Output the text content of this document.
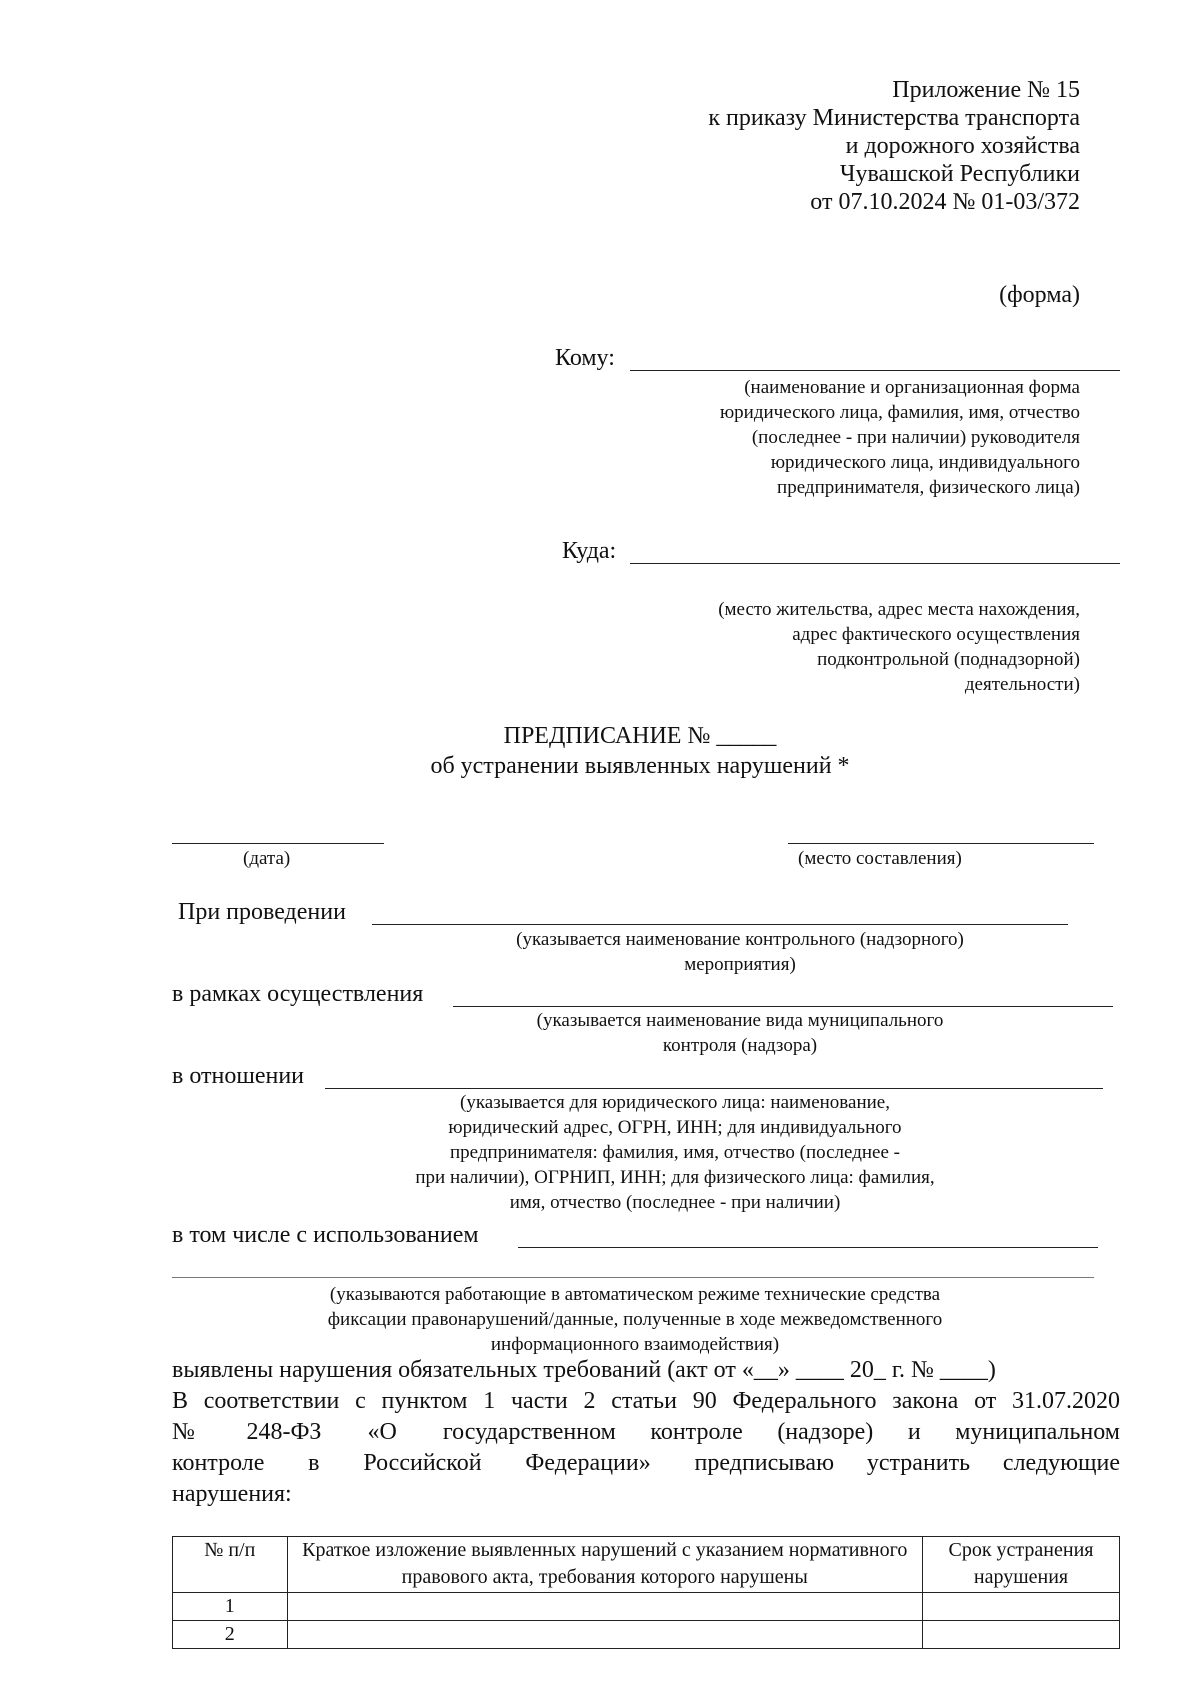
Приложение № 15
к приказу Министерства транспорта
и дорожного хозяйства
Чувашской Республики
от 07.10.2024 № 01-03/372
(форма)
Кому:
(наименование и организационная форма
юридического лица, фамилия, имя, отчество
(последнее - при наличии) руководителя
юридического лица, индивидуального
предпринимателя, физического лица)
Куда:
(место жительства, адрес места нахождения,
адрес фактического осуществления
подконтрольной (поднадзорной)
деятельности)
ПРЕДПИСАНИЕ № _____
об устранении выявленных нарушений *
(дата)	(место составления)
При проведении
(указывается наименование контрольного (надзорного)
мероприятия)
в рамках осуществления
(указывается наименование вида муниципального
контроля (надзора)
в отношении
(указывается для юридического лица: наименование,
юридический адрес, ОГРН, ИНН; для индивидуального
предпринимателя: фамилия, имя, отчество (последнее -
при наличии), ОГРНИП, ИНН; для физического лица: фамилия,
имя, отчество (последнее - при наличии)
в том числе с использованием
(указываются работающие в автоматическом режиме технические средства
фиксации правонарушений/данные, полученные в ходе межведомственного
информационного взаимодействия)
выявлены нарушения обязательных требований (акт от «__» ____ 20_ г. № ____)
В соответствии с пунктом 1 части 2 статьи 90 Федерального закона от 31.07.2020
№    248-ФЗ    «О    государственном   контроле   (надзоре)   и   муниципальном
контроле    в    Российской    Федерации»    предписываю   устранить   следующие
нарушения:
№ п/п	Краткое изложение выявленных нарушений с указанием нормативного правового акта, требования которого нарушены	Срок устранения нарушения
1		
2		
